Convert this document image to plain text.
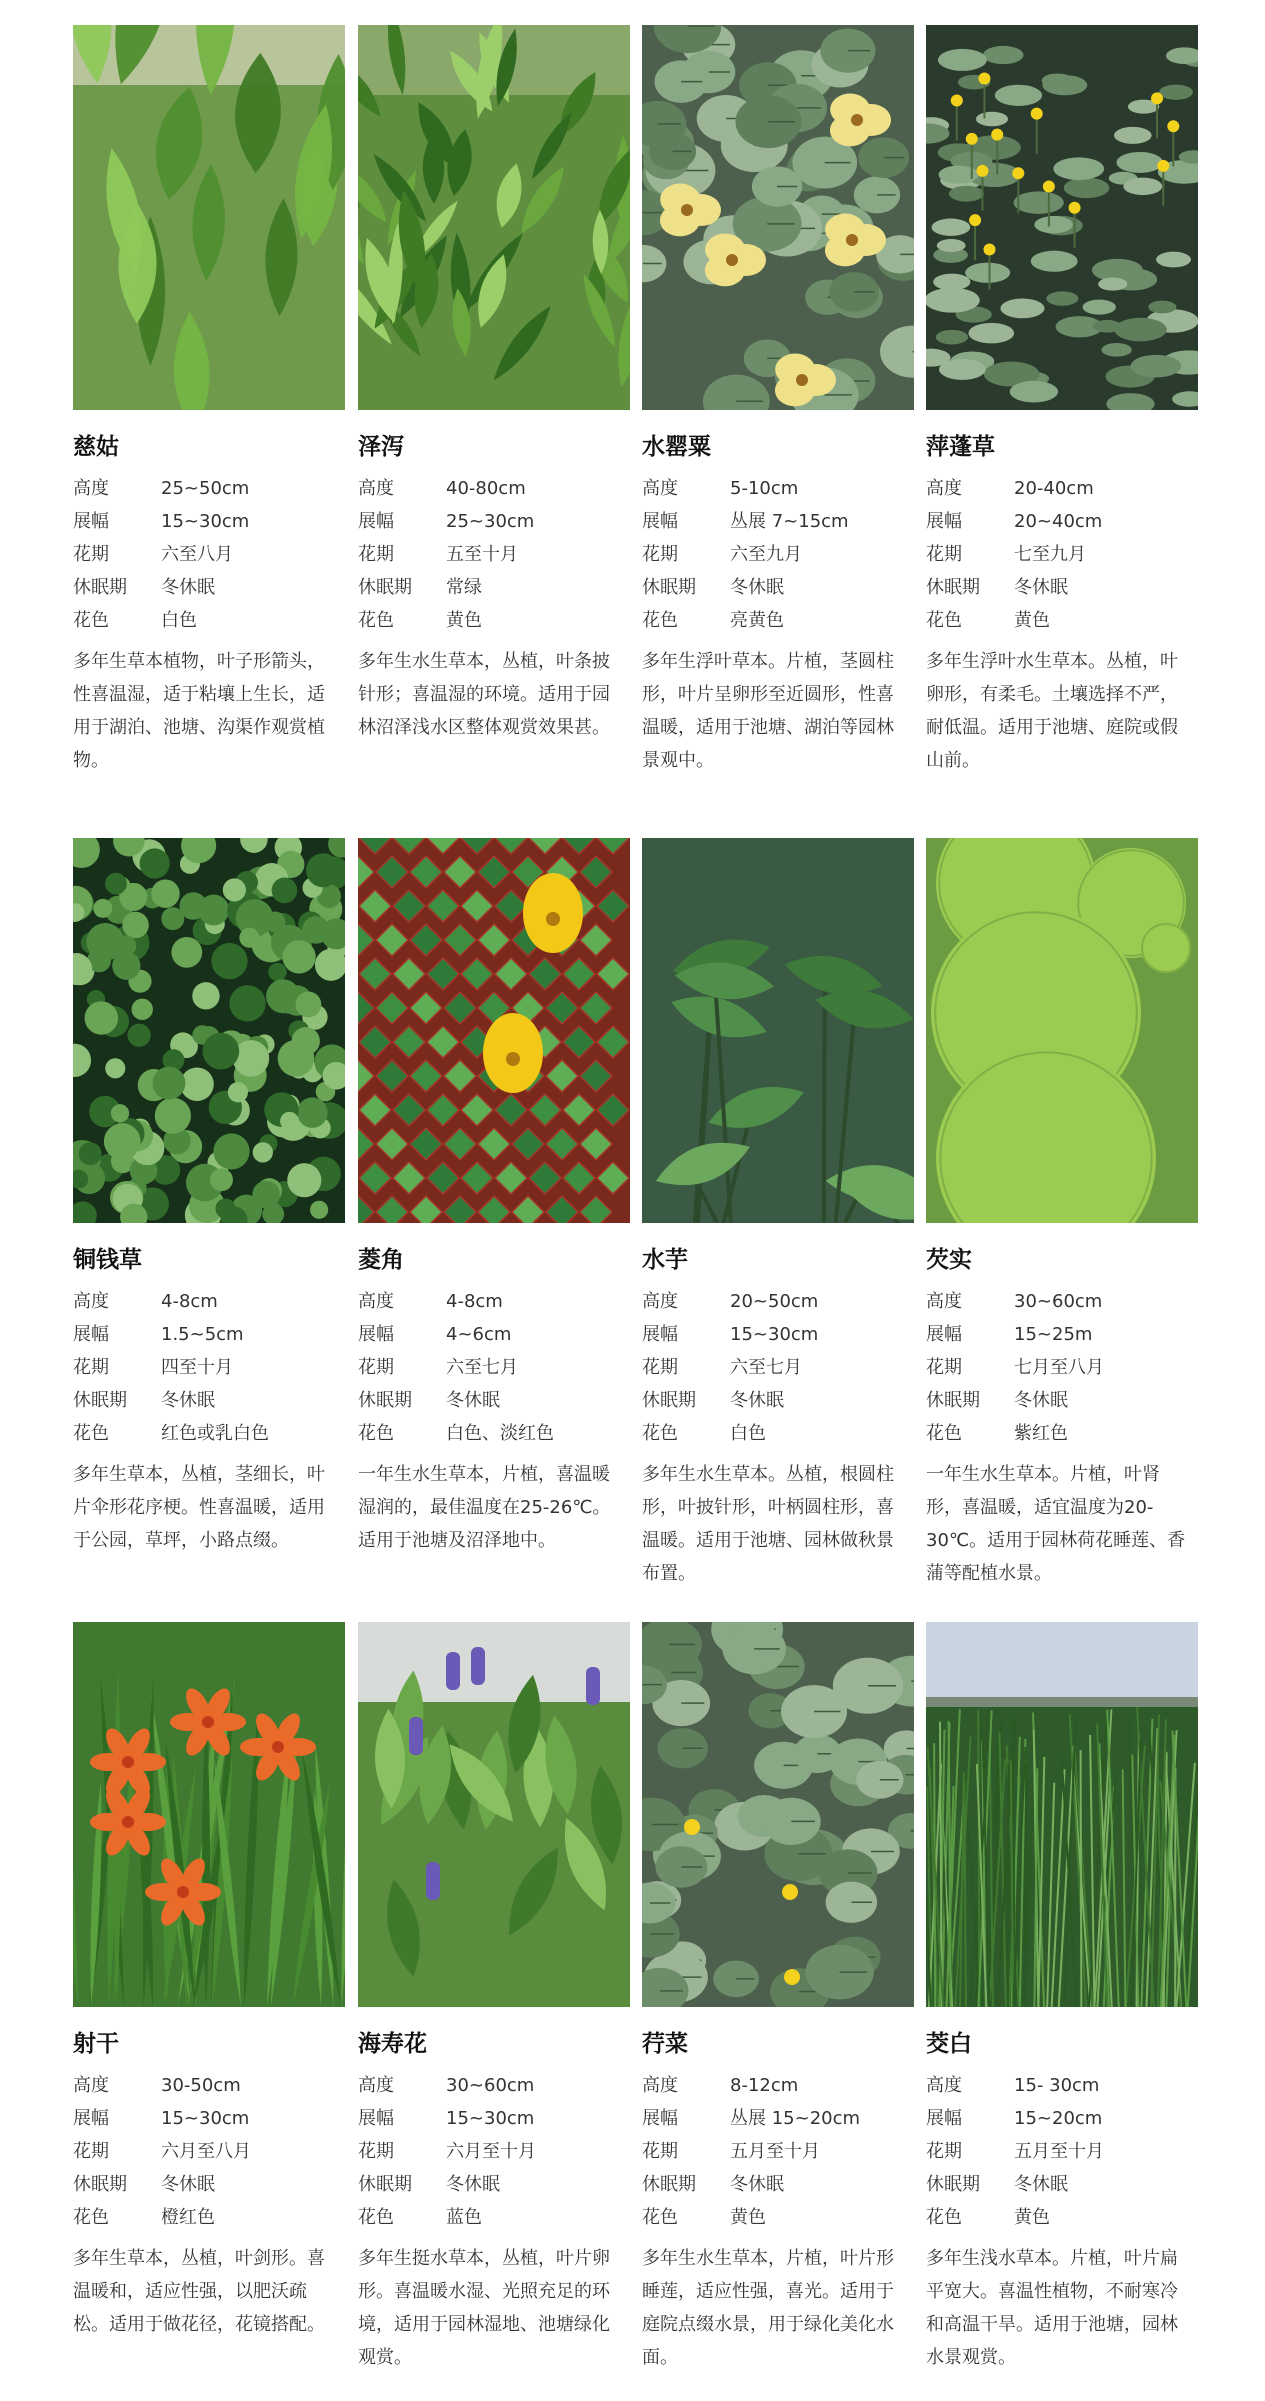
慈姑
高度	25~50cm
展幅	15~30cm
花期	六至八月
休眠期 冬休眠
花色	白色
多年生草本植物，叶子形箭头，性喜温湿，适于粘壤上生长，适用于湖泊、池塘、沟渠作观赏植物。
泽泻
高度	40-80cm
展幅	25~30cm
花期	五至十月
休眠期 常绿
花色	黄色
多年生水生草本，丛植，叶条披针形；喜温湿的环境。适用于园林沼泽浅水区整体观赏效果甚。
水罂粟
高度	5-10cm
展幅	丛展 7~15cm
花期	六至九月
休眠期 冬休眠
花色	亮黄色
多年生浮叶草本。片植，茎圆柱形，叶片呈卵形至近圆形，性喜温暖，适用于池塘、湖泊等园林景观中。
萍蓬草
高度	20-40cm
展幅	20~40cm
花期	七至九月
休眠期 冬休眠
花色	黄色
多年生浮叶水生草本。丛植，叶卵形，有柔毛。土壤选择不严，耐低温。适用于池塘、庭院或假山前。
铜钱草
高度	4-8cm
展幅	1.5~5cm
花期	四至十月
休眠期 冬休眠
花色	红色或乳白色
多年生草本，丛植，茎细长，叶片伞形花序梗。性喜温暖，适用于公园，草坪，小路点缀。
菱角
高度	4-8cm
展幅	4~6cm
花期	六至七月
休眠期 冬休眠
花色	白色、淡红色
一年生水生草本，片植，喜温暖湿润的，最佳温度在25-26℃。适用于池塘及沼泽地中。
水芋
高度	20~50cm
展幅	15~30cm
花期	六至七月
休眠期 冬休眠
花色	白色
多年生水生草本。丛植，根圆柱形，叶披针形，叶柄圆柱形，喜温暖。适用于池塘、园林做秋景布置。
芡实
高度	30~60cm
展幅	15~25m
花期	七月至八月
休眠期 冬休眠
花色	紫红色
一年生水生草本。片植，叶肾形，喜温暖，适宜温度为20-30℃。适用于园林荷花睡莲、香蒲等配植水景。
射干
高度	30-50cm
展幅	15~30cm
花期	六月至八月
休眠期 冬休眠
花色	橙红色
多年生草本，丛植，叶剑形。喜温暖和，适应性强，以肥沃疏松。适用于做花径，花镜搭配。
海寿花
高度	30~60cm
展幅	15~30cm
花期	六月至十月
休眠期 冬休眠
花色	蓝色
多年生挺水草本，丛植，叶片卵形。喜温暖水湿、光照充足的环境，适用于园林湿地、池塘绿化观赏。
荇菜
高度	8-12cm
展幅	丛展 15~20cm
花期	五月至十月
休眠期 冬休眠
花色	黄色
多年生水生草本，片植，叶片形睡莲，适应性强，喜光。适用于庭院点缀水景，用于绿化美化水面。
茭白
高度	15- 30cm
展幅	15~20cm
花期	五月至十月
休眠期 冬休眠
花色	黄色
多年生浅水草本。片植，叶片扁平宽大。喜温性植物，不耐寒冷和高温干旱。适用于池塘，园林水景观赏。
